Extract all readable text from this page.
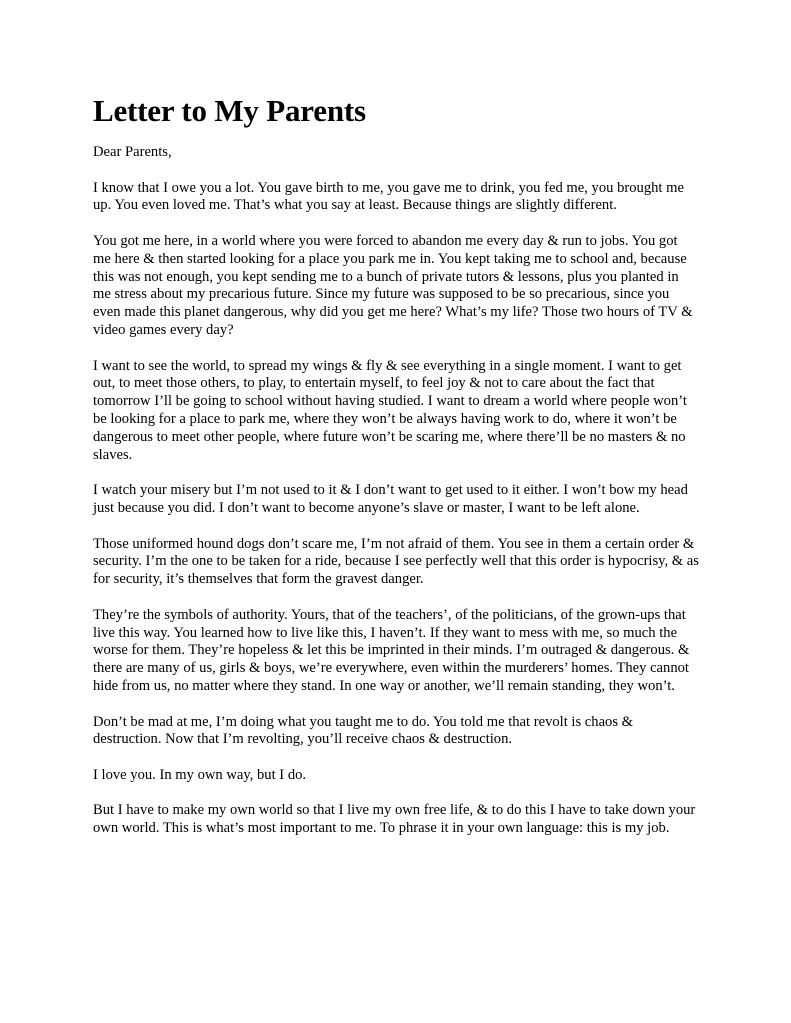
Letter to My Parents

Dear Parents,

I know that I owe you a lot. You gave birth to me, you gave me to drink, you fed me, you brought me up. You even loved me. That’s what you say at least. Because things are slightly different.

You got me here, in a world where you were forced to abandon me every day & run to jobs. You got me here & then started looking for a place you park me in. You kept taking me to school and, because this was not enough, you kept sending me to a bunch of private tutors & lessons, plus you planted in me stress about my precarious future. Since my future was supposed to be so precarious, since you even made this planet dangerous, why did you get me here? What’s my life? Those two hours of TV & video games every day?

I want to see the world, to spread my wings & fly & see everything in a single moment. I want to get out, to meet those others, to play, to entertain myself, to feel joy & not to care about the fact that tomorrow I’ll be going to school without having studied. I want to dream a world where people won’t be looking for a place to park me, where they won’t be always having work to do, where it won’t be dangerous to meet other people, where future won’t be scaring me, where there’ll be no masters & no slaves.

I watch your misery but I’m not used to it & I don’t want to get used to it either. I won’t bow my head just because you did. I don’t want to become anyone’s slave or master, I want to be left alone.

Those uniformed hound dogs don’t scare me, I’m not afraid of them. You see in them a certain order & security. I’m the one to be taken for a ride, because I see perfectly well that this order is hypocrisy, & as for security, it’s themselves that form the gravest danger.

They’re the symbols of authority. Yours, that of the teachers’, of the politicians, of the grown-ups that live this way. You learned how to live like this, I haven’t. If they want to mess with me, so much the worse for them. They’re hopeless & let this be imprinted in their minds. I’m outraged & dangerous. & there are many of us, girls & boys, we’re everywhere, even within the murderers’ homes. They cannot hide from us, no matter where they stand. In one way or another, we’ll remain standing, they won’t.

Don’t be mad at me, I’m doing what you taught me to do. You told me that revolt is chaos & destruction. Now that I’m revolting, you’ll receive chaos & destruction.

I love you. In my own way, but I do.

But I have to make my own world so that I live my own free life, & to do this I have to take down your own world. This is what’s most important to me. To phrase it in your own language: this is my job.
